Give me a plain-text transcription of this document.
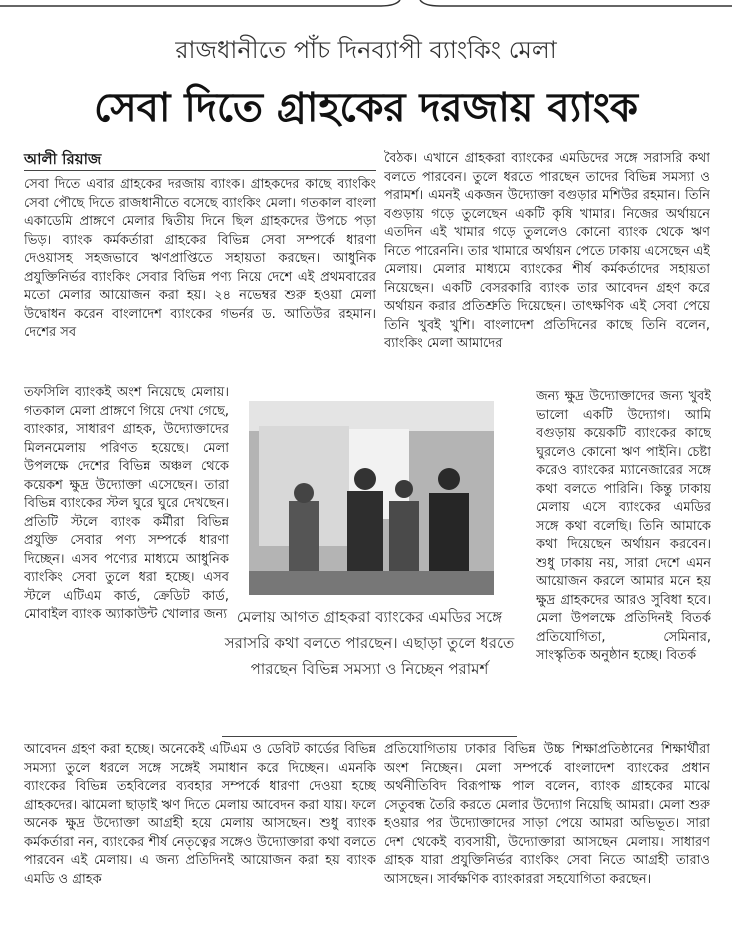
রাজধানীতে পাঁচ দিনব্যাপী ব্যাংকিং মেলা
সেবা দিতে গ্রাহকের দরজায় ব্যাংক
আলী রিয়াজ

সেবা দিতে এবার গ্রাহকের দরজায় ব্যাংক। গ্রাহকদের কাছে ব্যাংকিং সেবা পৌছে দিতে রাজধানীতে বসেছে ব্যাংকিং মেলা। গতকাল বাংলা একাডেমি প্রাঙ্গণে মেলার দ্বিতীয় দিনে ছিল গ্রাহকদের উপচে পড়া ভিড়। ব্যাংক কর্মকর্তারা গ্রাহকের বিভিন্ন সেবা সম্পর্কে ধারণা দেওয়াসহ সহজভাবে ঋণপ্রাপ্তিতে সহায়তা করছেন। আধুনিক প্রযুক্তিনির্ভর ব্যাংকিং সেবার বিভিন্ন পণ্য নিয়ে দেশে এই প্রথমবারের মতো মেলার আয়োজন করা হয়। ২৪ নভেম্বর শুরু হওয়া মেলা উদ্বোধন করেন বাংলাদেশ ব্যাংকের গভর্নর ড. আতিউর রহমান। দেশের সব

তফসিলি ব্যাংকই অংশ নিয়েছে মেলায়। গতকাল মেলা প্রাঙ্গণে গিয়ে দেখা গেছে, ব্যাংকার, সাধারণ গ্রাহক, উদ্যোক্তাদের মিলনমেলায় পরিণত হয়েছে। মেলা উপলক্ষে দেশের বিভিন্ন অঞ্চল থেকে কয়েকশ ক্ষুদ্র উদ্যোক্তা এসেছেন। তারা বিভিন্ন ব্যাংকের স্টল ঘুরে ঘুরে দেখছেন। প্রতিটি স্টলে ব্যাংক কর্মীরা বিভিন্ন প্রযুক্তি সেবার পণ্য সম্পর্কে ধারণা দিচ্ছেন। এসব পণ্যের মাধ্যমে আধুনিক ব্যাংকিং সেবা তুলে ধরা হচ্ছে। এসব স্টলে এটিএম কার্ড, ক্রেডিট কার্ড, মোবাইল ব্যাংক অ্যাকাউন্ট খোলার জন্য

বৈঠক। এখানে গ্রাহকরা ব্যাংকের এমডিদের সঙ্গে সরাসরি কথা বলতে পারবেন। তুলে ধরতে পারছেন তাদের বিভিন্ন সমস্যা ও পরামর্শ। এমনই একজন উদ্যোক্তা বগুড়ার মশিউর রহমান। তিনি বগুড়ায় গড়ে তুলেছেন একটি কৃষি খামার। নিজের অর্থায়নে এতদিন এই খামার গড়ে তুললেও কোনো ব্যাংক থেকে ঋণ নিতে পারেননি। তার খামারে অর্থায়ন পেতে ঢাকায় এসেছেন এই মেলায়। মেলার মাধ্যমে ব্যাংকের শীর্ষ কর্মকর্তাদের সহায়তা নিয়েছেন। একটি বেসরকারি ব্যাংক তার আবেদন গ্রহণ করে অর্থায়ন করার প্রতিশ্রুতি দিয়েছেন। তাৎক্ষণিক এই সেবা পেয়ে তিনি খুবই খুশি। বাংলাদেশ প্রতিদিনের কাছে তিনি বলেন, ব্যাংকিং মেলা আমাদের

জন্য ক্ষুদ্র উদ্যোক্তাদের জন্য খুবই ভালো একটি উদ্যোগ। আমি বগুড়ায় কয়েকটি ব্যাংকের কাছে ঘুরলেও কোনো ঋণ পাইনি। চেষ্টা করেও ব্যাংকের ম্যানেজারের সঙ্গে কথা বলতে পারিনি। কিন্তু ঢাকায় মেলায় এসে ব্যাংকের এমডির সঙ্গে কথা বলেছি। তিনি আমাকে কথা দিয়েছেন অর্থায়ন করবেন। শুধু ঢাকায় নয়, সারা দেশে এমন আয়োজন করলে আমার মনে হয় ক্ষুদ্র গ্রাহকদের আরও সুবিধা হবে। মেলা উপলক্ষে প্রতিদিনই বিতর্ক প্রতিযোগিতা, সেমিনার, সাংস্কৃতিক অনুষ্ঠান হচ্ছে। বিতর্ক

মেলায় আগত গ্রাহকরা ব্যাংকের এমডির সঙ্গে সরাসরি কথা বলতে পারছেন। এছাড়া তুলে ধরতে পারছেন বিভিন্ন সমস্যা ও নিচ্ছেন পরামর্শ

আবেদন গ্রহণ করা হচ্ছে। অনেকেই এটিএম ও ডেবিট কার্ডের বিভিন্ন সমস্যা তুলে ধরলে সঙ্গে সঙ্গেই সমাধান করে দিচ্ছেন। এমনকি ব্যাংকের বিভিন্ন তহবিলের ব্যবহার সম্পর্কে ধারণা দেওয়া হচ্ছে গ্রাহকদের। ঝামেলা ছাড়াই ঋণ দিতে মেলায় আবেদন করা যায়। ফলে অনেক ক্ষুদ্র উদ্যোক্তা আগ্রহী হয়ে মেলায় আসছেন। শুধু ব্যাংক কর্মকর্তারা নন, ব্যাংকের শীর্ষ নেতৃত্বের সঙ্গেও উদ্যোক্তারা কথা বলতে পারবেন এই মেলায়। এ জন্য প্রতিদিনই আয়োজন করা হয় ব্যাংক এমডি ও গ্রাহক

প্রতিযোগিতায় ঢাকার বিভিন্ন উচ্চ শিক্ষাপ্রতিষ্ঠানের শিক্ষার্থীরা অংশ নিচ্ছেন। মেলা সম্পর্কে বাংলাদেশ ব্যাংকের প্রধান অর্থনীতিবিদ বিরূপাক্ষ পাল বলেন, ব্যাংক গ্রাহকের মাঝে সেতুবন্ধ তৈরি করতে মেলার উদ্যোগ নিয়েছি আমরা। মেলা শুরু হওয়ার পর উদ্যোক্তাদের সাড়া পেয়ে আমরা অভিভূত। সারা দেশ থেকেই ব্যবসায়ী, উদ্যোক্তারা আসছেন মেলায়। সাধারণ গ্রাহক যারা প্রযুক্তিনির্ভর ব্যাংকিং সেবা নিতে আগ্রহী তারাও আসছেন। সার্বক্ষণিক ব্যাংকাররা সহযোগিতা করছেন।
